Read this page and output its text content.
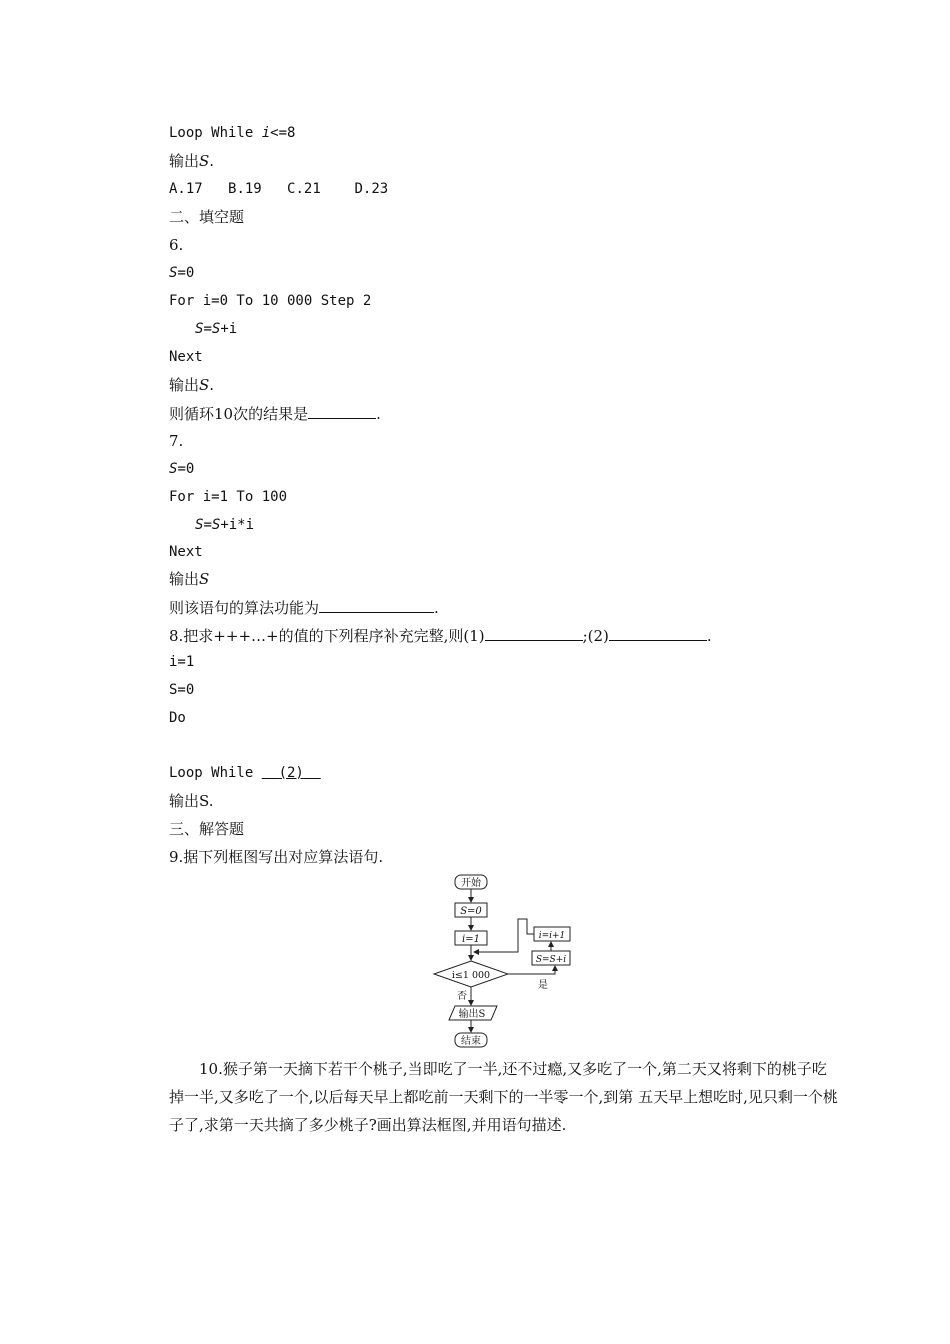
Loop While i<=8
输出S.
A.17 B.19 C.21 D.23
二、填空题
6.
S=0
For i=0 To 10 000 Step 2
S=S+i
Next
输出S.
则循环10次的结果是	.
7.
S=0
For i=1 To 100
S=S+i*i
Next
输出S
则该语句的算法功能为	.
8.把求+++…+的值的下列程序补充完整,则(1)	;(2)	.
i=1
S=0
Do
Loop While   (2)
输出S.
三、解答题
9.据下列框图写出对应算法语句.
开始
S=0
i=1
i≤1 000
i=i+1
S=S+i
是
否
输出S
结束
10.猴子第一天摘下若干个桃子,当即吃了一半,还不过瘾,又多吃了一个,第二天又将剩下的桃子吃掉一半,又多吃了一个,以后每天早上都吃前一天剩下的一半零一个,到第 五天早上想吃时,见只剩一个桃子了,求第一天共摘了多少桃子?画出算法框图,并用语句描述.
